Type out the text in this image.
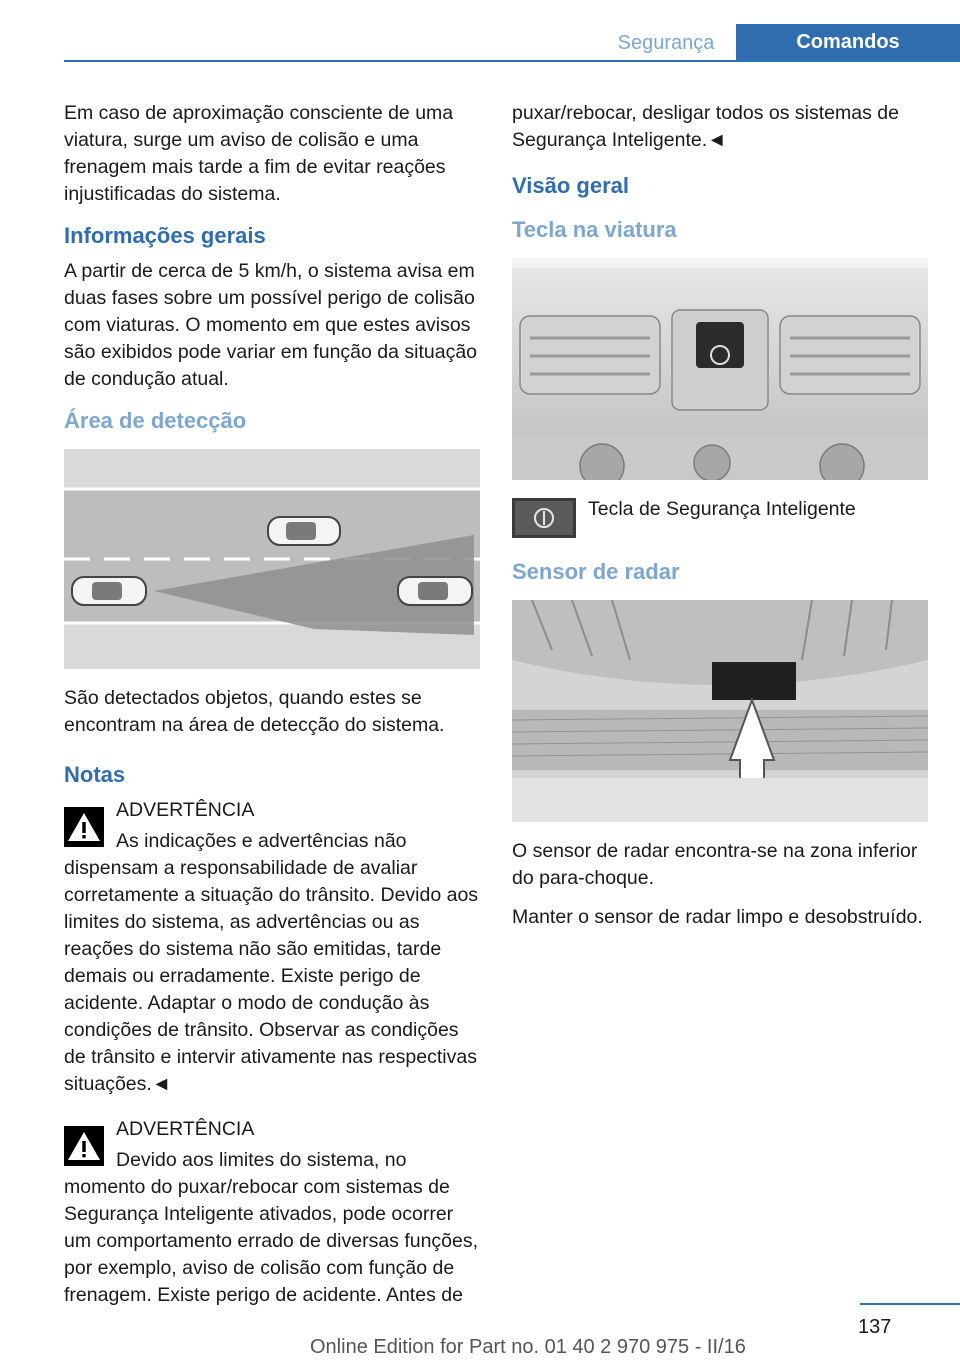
Segurança	Comandos

Em caso de aproximação consciente de uma viatura, surge um aviso de colisão e uma frenagem mais tarde a fim de evitar reações injustificadas do sistema.

Informações gerais

A partir de cerca de 5 km/h, o sistema avisa em duas fases sobre um possível perigo de colisão com viaturas. O momento em que estes avisos são exibidos pode variar em função da situação de condução atual.

Área de detecção

São detectados objetos, quando estes se encontram na área de detecção do sistema.

Notas
ADVERTÊNCIA

As indicações e advertências não dispensam a responsabilidade de avaliar corretamente a situação do trânsito. Devido aos limites do sistema, as advertências ou as reações do sistema não são emitidas, tarde demais ou erradamente. Existe perigo de acidente. Adaptar o modo de condução às condições de trânsito. Observar as condições de trânsito e intervir ativamente nas respectivas situações.◄

ADVERTÊNCIA

Devido aos limites do sistema, no momento do puxar/rebocar com sistemas de Segurança Inteligente ativados, pode ocorrer um comportamento errado de diversas funções, por exemplo, aviso de colisão com função de frenagem. Existe perigo de acidente. Antes de

puxar/rebocar, desligar todos os sistemas de Segurança Inteligente.◄

Visão geral
Tecla na viatura
Tecla de Segurança Inteligente
Sensor de radar

O sensor de radar encontra-se na zona inferior do para-choque.

Manter o sensor de radar limpo e desobstruído.

137
Online Edition for Part no. 01 40 2 970 975 - II/16
